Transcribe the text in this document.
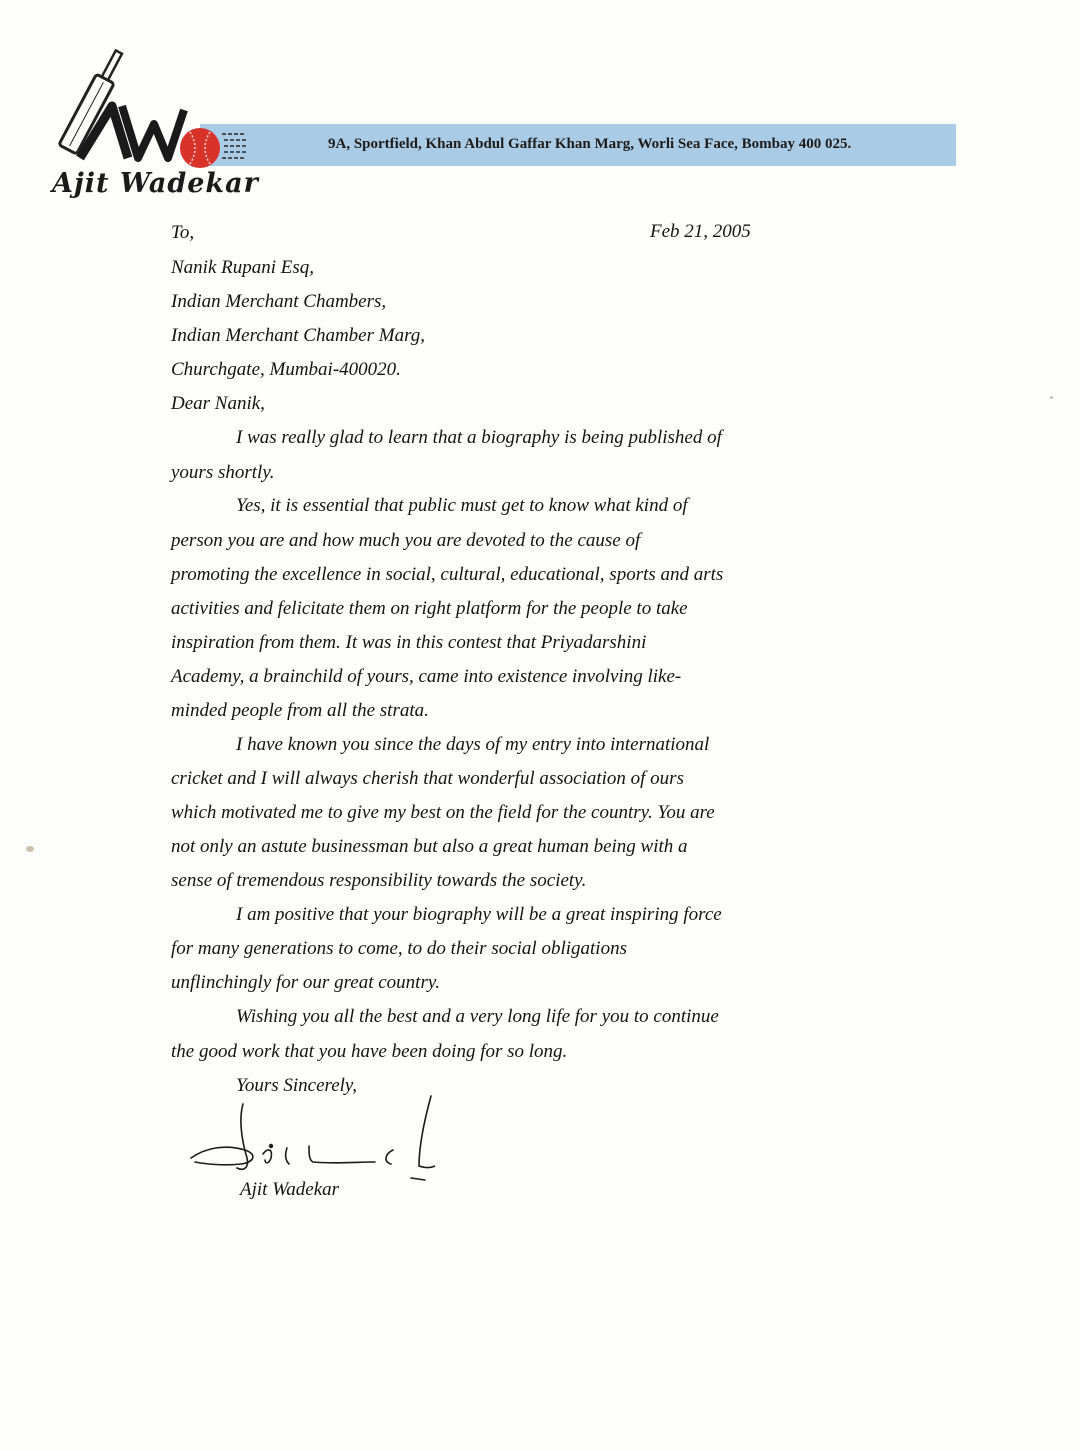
9A, Sportfield, Khan Abdul Gaffar Khan Marg, Worli Sea Face, Bombay 400 025.
Ajit Wadekar
To,	Feb 21, 2005
Nanik Rupani Esq,
Indian Merchant Chambers,
Indian Merchant Chamber Marg,
Churchgate, Mumbai-400020.
Dear Nanik,
I was really glad to learn that a biography is being published of
yours shortly.
Yes, it is essential that public must get to know what kind of
person you are and how much you are devoted to the cause of
promoting the excellence in social, cultural, educational, sports and arts
activities and felicitate them on right platform for the people to take
inspiration from them. It was in this contest that Priyadarshini
Academy, a brainchild of yours, came into existence involving like-
minded people from all the strata.
I have known you since the days of my entry into international
cricket and I will always cherish that wonderful association of ours
which motivated me to give my best on the field for the country. You are
not only an astute businessman but also a great human being with a
sense of tremendous responsibility towards the society.
I am positive that your biography will be a great inspiring force
for many generations to come, to do their social obligations
unflinchingly for our great country.
Wishing you all the best and a very long life for you to continue
the good work that you have been doing for so long.
Yours Sincerely,
Ajit Wadekar
